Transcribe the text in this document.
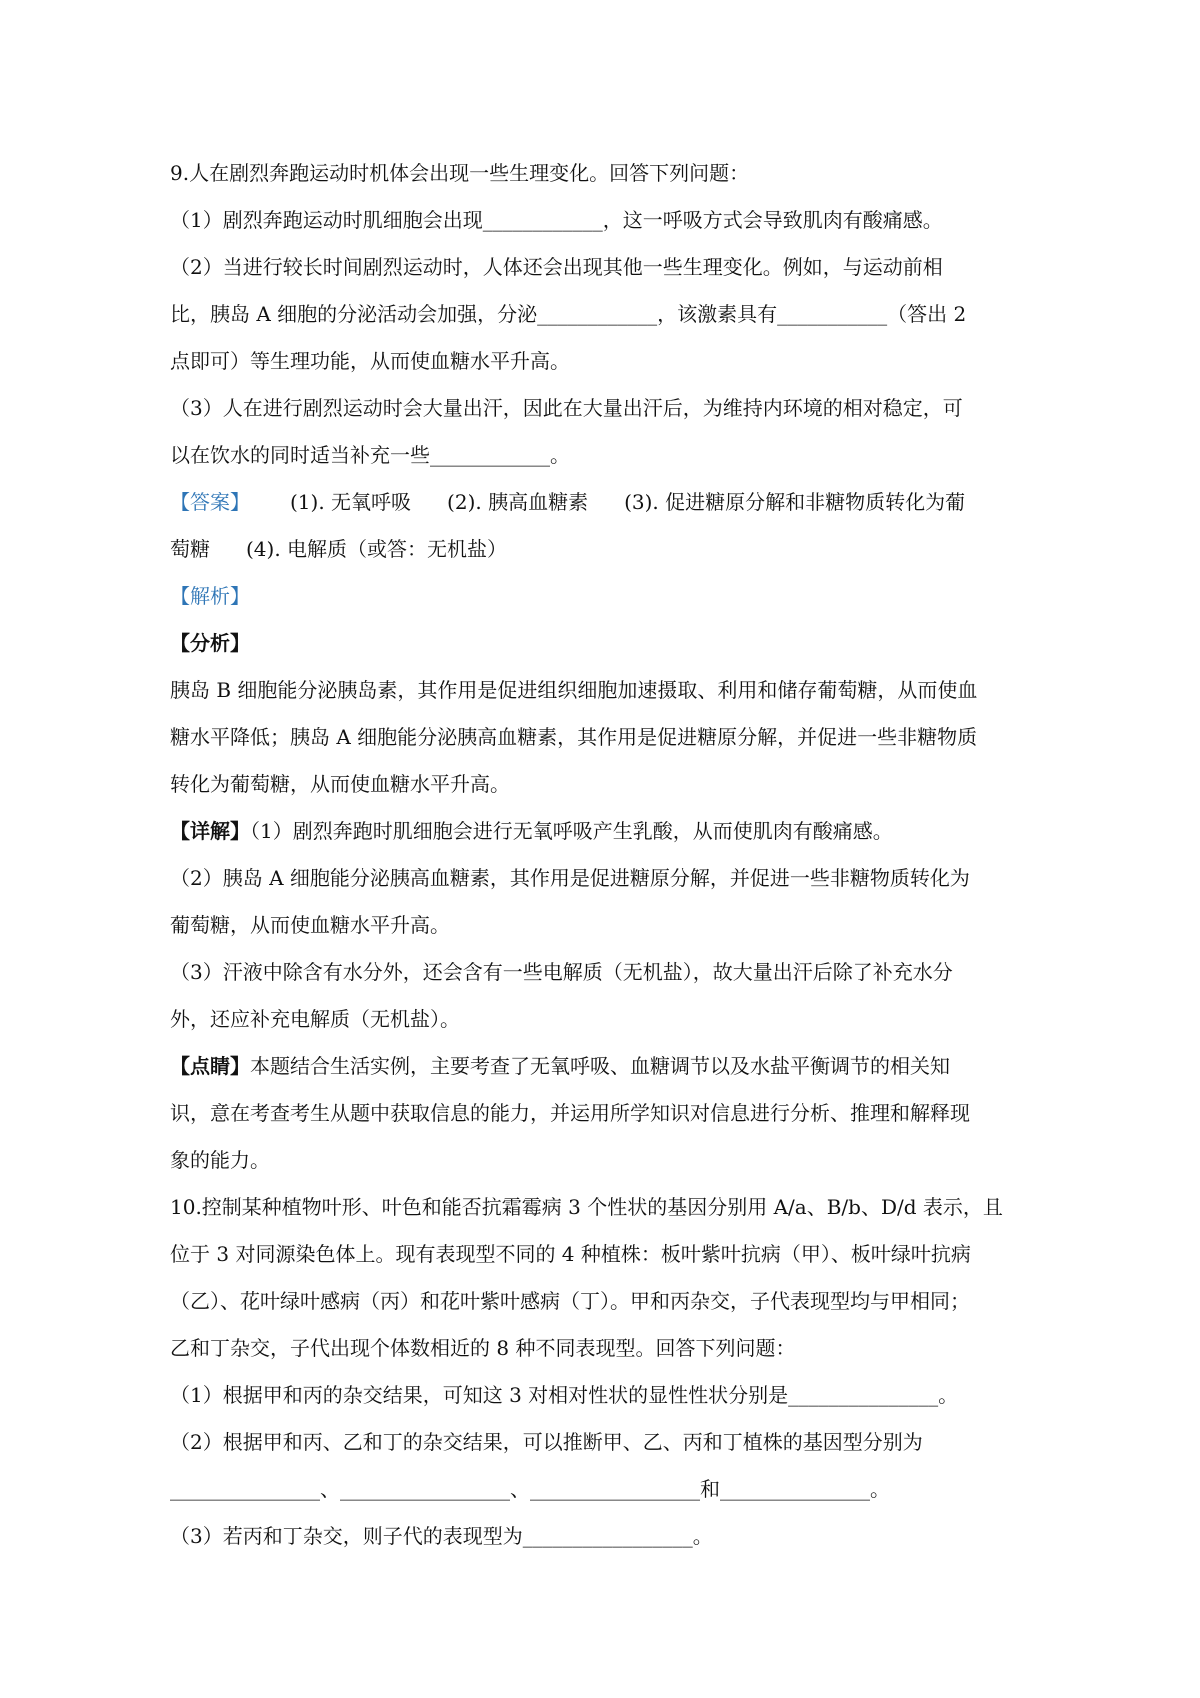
9.人在剧烈奔跑运动时机体会出现一些生理变化。回答下列问题：
（1）剧烈奔跑运动时肌细胞会出现____________，这一呼吸方式会导致肌肉有酸痛感。
（2）当进行较长时间剧烈运动时，人体还会出现其他一些生理变化。例如，与运动前相
比，胰岛 A 细胞的分泌活动会加强，分泌____________，该激素具有___________（答出 2
点即可）等生理功能，从而使血糖水平升高。
（3）人在进行剧烈运动时会大量出汗，因此在大量出汗后，为维持内环境的相对稳定，可
以在饮水的同时适当补充一些____________。
【答案】 (1). 无氧呼吸 (2). 胰高血糖素 (3). 促进糖原分解和非糖物质转化为葡
萄糖 (4). 电解质（或答：无机盐）
【解析】
【分析】
胰岛 B 细胞能分泌胰岛素，其作用是促进组织细胞加速摄取、利用和储存葡萄糖，从而使血
糖水平降低；胰岛 A 细胞能分泌胰高血糖素，其作用是促进糖原分解，并促进一些非糖物质
转化为葡萄糖，从而使血糖水平升高。
【详解】（1）剧烈奔跑时肌细胞会进行无氧呼吸产生乳酸，从而使肌肉有酸痛感。
（2）胰岛 A 细胞能分泌胰高血糖素，其作用是促进糖原分解，并促进一些非糖物质转化为
葡萄糖，从而使血糖水平升高。
（3）汗液中除含有水分外，还会含有一些电解质（无机盐），故大量出汗后除了补充水分
外，还应补充电解质（无机盐）。
【点睛】本题结合生活实例，主要考查了无氧呼吸、血糖调节以及水盐平衡调节的相关知
识，意在考查考生从题中获取信息的能力，并运用所学知识对信息进行分析、推理和解释现
象的能力。
10.控制某种植物叶形、叶色和能否抗霜霉病 3 个性状的基因分别用 A/a、B/b、D/d 表示，且
位于 3 对同源染色体上。现有表现型不同的 4 种植株：板叶紫叶抗病（甲）、板叶绿叶抗病
（乙）、花叶绿叶感病（丙）和花叶紫叶感病（丁）。甲和丙杂交，子代表现型均与甲相同；
乙和丁杂交，子代出现个体数相近的 8 种不同表现型。回答下列问题：
（1）根据甲和丙的杂交结果，可知这 3 对相对性状的显性性状分别是_______________。
（2）根据甲和丙、乙和丁的杂交结果，可以推断甲、乙、丙和丁植株的基因型分别为
_______________、_________________、_________________和_______________。
（3）若丙和丁杂交，则子代的表现型为_________________。
